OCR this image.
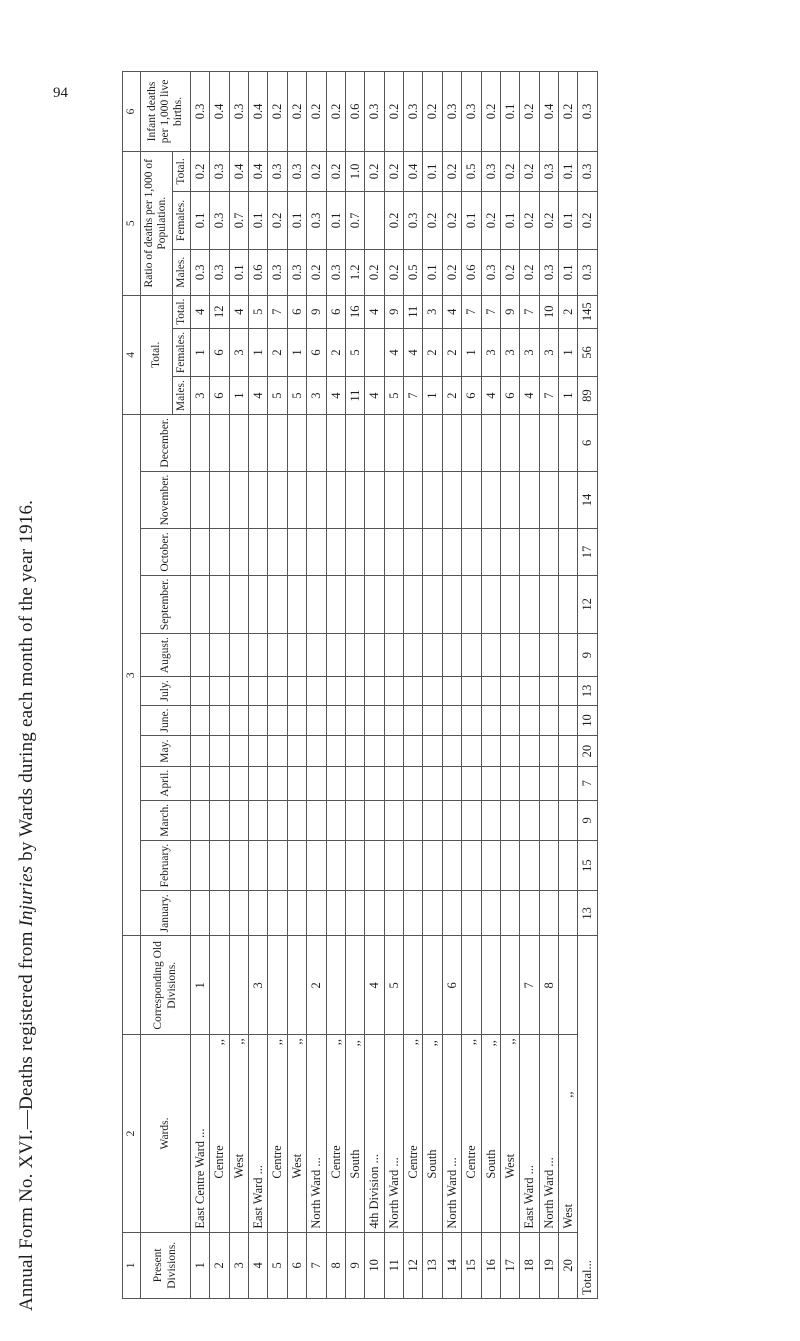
Annual Form No. XVI.—Deaths registered from Injuries by Wards during each month of the year 1916.
94
1	2		3												4			5			6
Present Divisions.	Wards.	Corresponding Old Divisions.	January.	February.	March.	April.	May.	June.	July.	August.	September.	October.	November.	December.	Total.			Ratio of deaths per 1,000 of Population.			Infant deaths per 1,000 live births.
															Males.	Females.	Total.	Males.	Females.	Total.	
1	East Centre Ward ...	1													3	1	4	0.3	0.1	0.2	0.3
2	Centre                                ,,														6	6	12	0.3	0.3	0.3	0.4
3	West                                   ,,														1	3	4	0.1	0.7	0.4	0.3
4	East Ward ...	3													4	1	5	0.6	0.1	0.4	0.4
5	Centre                                ,,														5	2	7	0.3	0.2	0.3	0.2
6	West                                   ,,														5	1	6	0.3	0.1	0.3	0.2
7	North Ward ...	2													3	6	9	0.2	0.3	0.2	0.2
8	Centre                                ,,														4	2	6	0.3	0.1	0.2	0.2
9	South                                 ,,														11	5	16	1.2	0.7	1.0	0.6
10	4th Division ...	4													4		4	0.2		0.2	0.3
11	North Ward ...	5													5	4	9	0.2	0.2	0.2	0.2
12	Centre                                ,,														7	4	11	0.5	0.3	0.4	0.3
13	South                                 ,,														1	2	3	0.1	0.2	0.1	0.2
14	North Ward ...	6													2	2	4	0.2	0.2	0.2	0.3
15	Centre                                ,,														6	1	7	0.6	0.1	0.5	0.3
16	South                                 ,,														4	3	7	0.3	0.2	0.3	0.2
17	West                                   ,,														6	3	9	0.2	0.1	0.2	0.1
18	East Ward ...	7													4	3	7	0.2	0.2	0.2	0.2
19	North Ward ...	8													7	3	10	0.3	0.2	0.3	0.4
20	West                                  ,,														1	1	2	0.1	0.1	0.1	0.2
Total...			13	15	9	7	20	10	13	9	12	17	14	6	89	56	145	0.3	0.2	0.3	0.3
